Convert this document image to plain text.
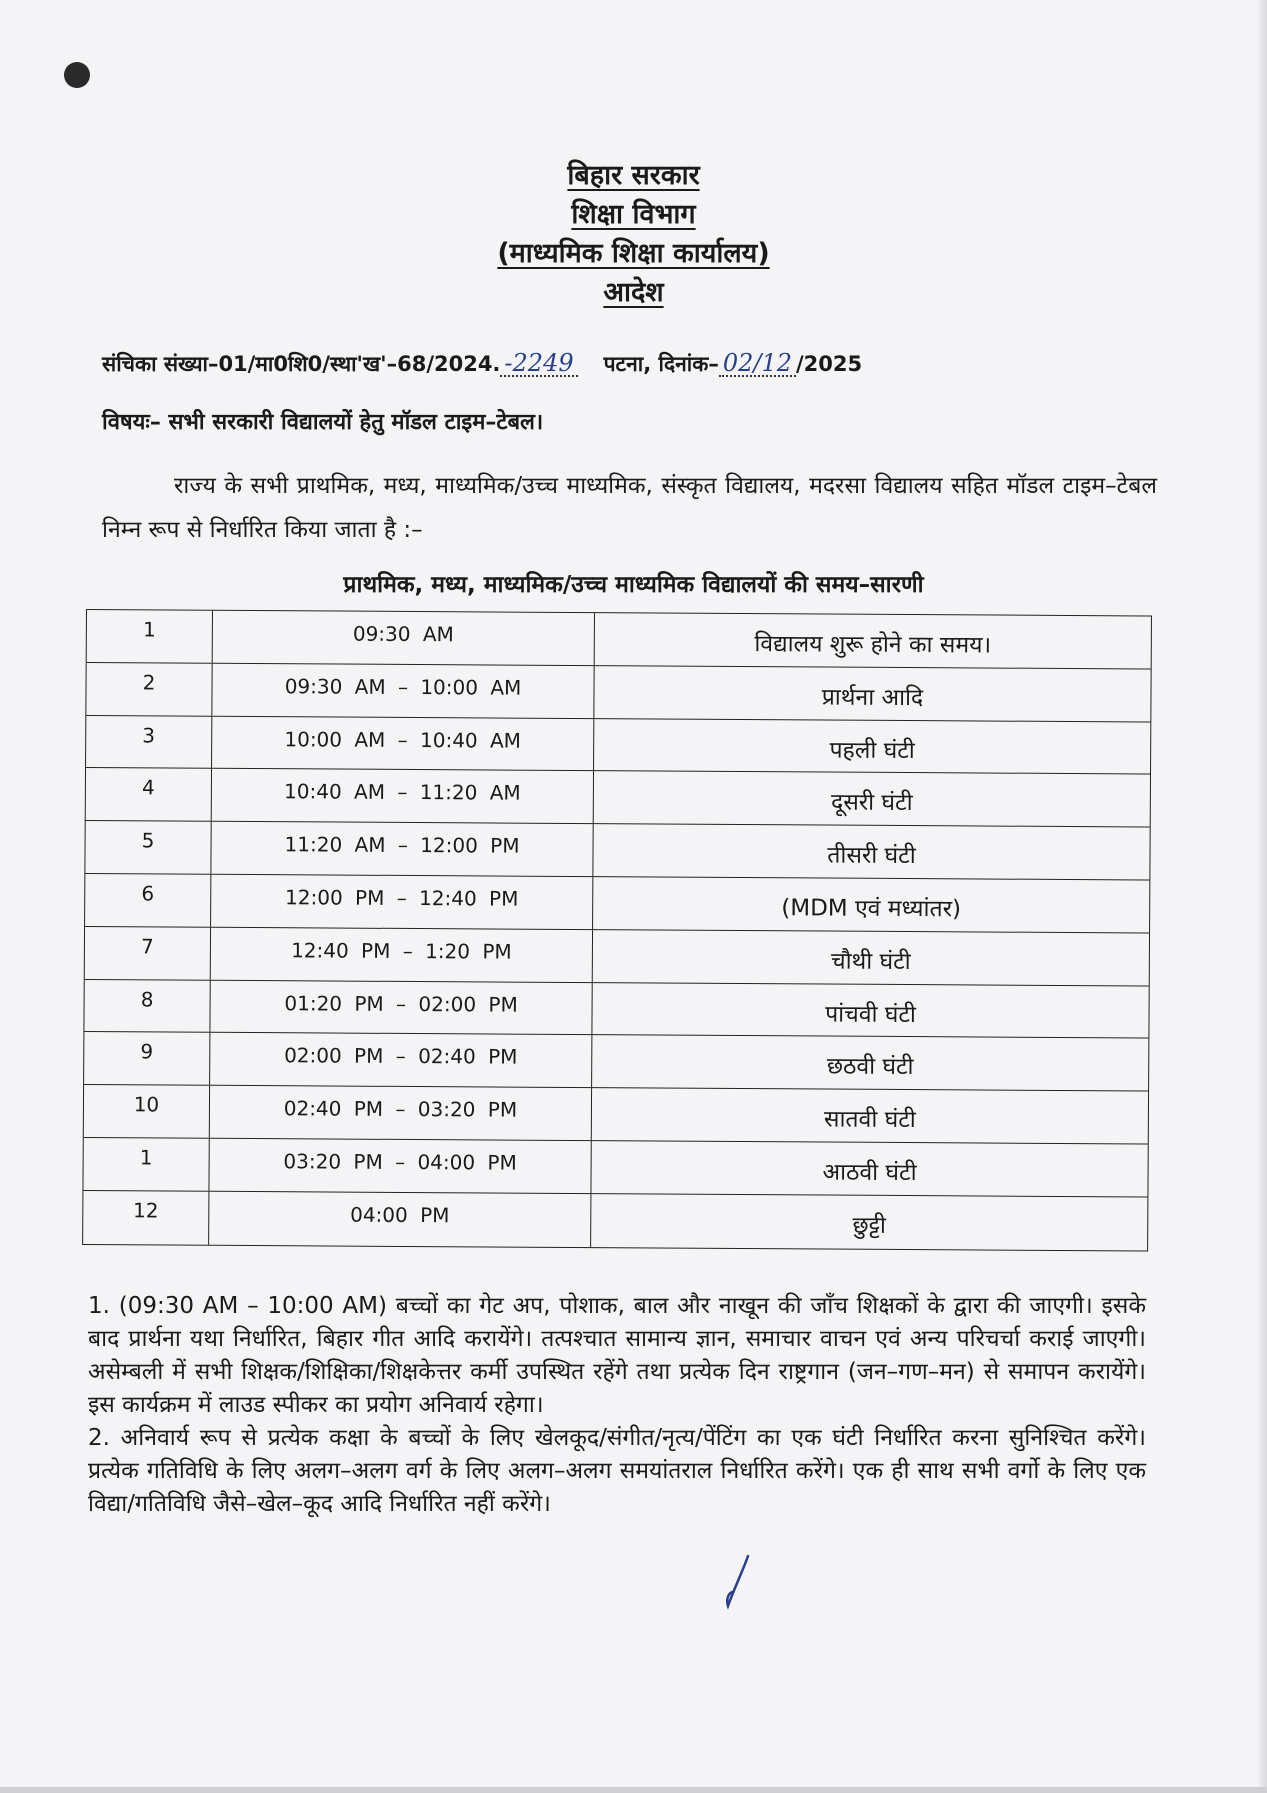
बिहार सरकार
शिक्षा विभाग
(माध्यमिक शिक्षा कार्यालय)
आदेश
संचिका संख्या–01/मा0शि0/स्था'ख'–68/2024. -2249 पटना, दिनांक– 02/12 /2025
विषयः– सभी सरकारी विद्यालयों हेतु मॉडल टाइम–टेबल।
राज्य के सभी प्राथमिक, मध्य, माध्यमिक/उच्च माध्यमिक, संस्कृत विद्यालय, मदरसा विद्यालय सहित मॉडल टाइम–टेबल निम्न रूप से निर्धारित किया जाता है :–
प्राथमिक, मध्य, माध्यमिक/उच्च माध्यमिक विद्यालयों की समय–सारणी
1	09:30 AM	विद्यालय शुरू होने का समय।
2	09:30 AM – 10:00 AM	प्रार्थना आदि
3	10:00 AM – 10:40 AM	पहली घंटी
4	10:40 AM – 11:20 AM	दूसरी घंटी
5	11:20 AM – 12:00 PM	तीसरी घंटी
6	12:00 PM – 12:40 PM	(MDM एवं मध्यांतर)
7	12:40 PM – 1:20 PM	चौथी घंटी
8	01:20 PM – 02:00 PM	पांचवी घंटी
9	02:00 PM – 02:40 PM	छठवी घंटी
10	02:40 PM – 03:20 PM	सातवी घंटी
1	03:20 PM – 04:00 PM	आठवी घंटी
12	04:00 PM	छुट्टी

1. (09:30 AM – 10:00 AM) बच्चों का गेट अप, पोशाक, बाल और नाखून की जाँच शिक्षकों के द्वारा की जाएगी। इसके बाद प्रार्थना यथा निर्धारित, बिहार गीत आदि करायेंगे। तत्पश्चात सामान्य ज्ञान, समाचार वाचन एवं अन्य परिचर्चा कराई जाएगी। असेम्बली में सभी शिक्षक/शिक्षिका/शिक्षकेत्तर कर्मी उपस्थित रहेंगे तथा प्रत्येक दिन राष्ट्रगान (जन–गण–मन) से समापन करायेंगे। इस कार्यक्रम में लाउड स्पीकर का प्रयोग अनिवार्य रहेगा।

2. अनिवार्य रूप से प्रत्येक कक्षा के बच्चों के लिए खेलकूद/संगीत/नृत्य/पेंटिंग का एक घंटी निर्धारित करना सुनिश्चित करेंगे। प्रत्येक गतिविधि के लिए अलग–अलग वर्ग के लिए अलग–अलग समयांतराल निर्धारित करेंगे। एक ही साथ सभी वर्गो के लिए एक विद्या/गतिविधि जैसे–खेल–कूद आदि निर्धारित नहीं करेंगे।
